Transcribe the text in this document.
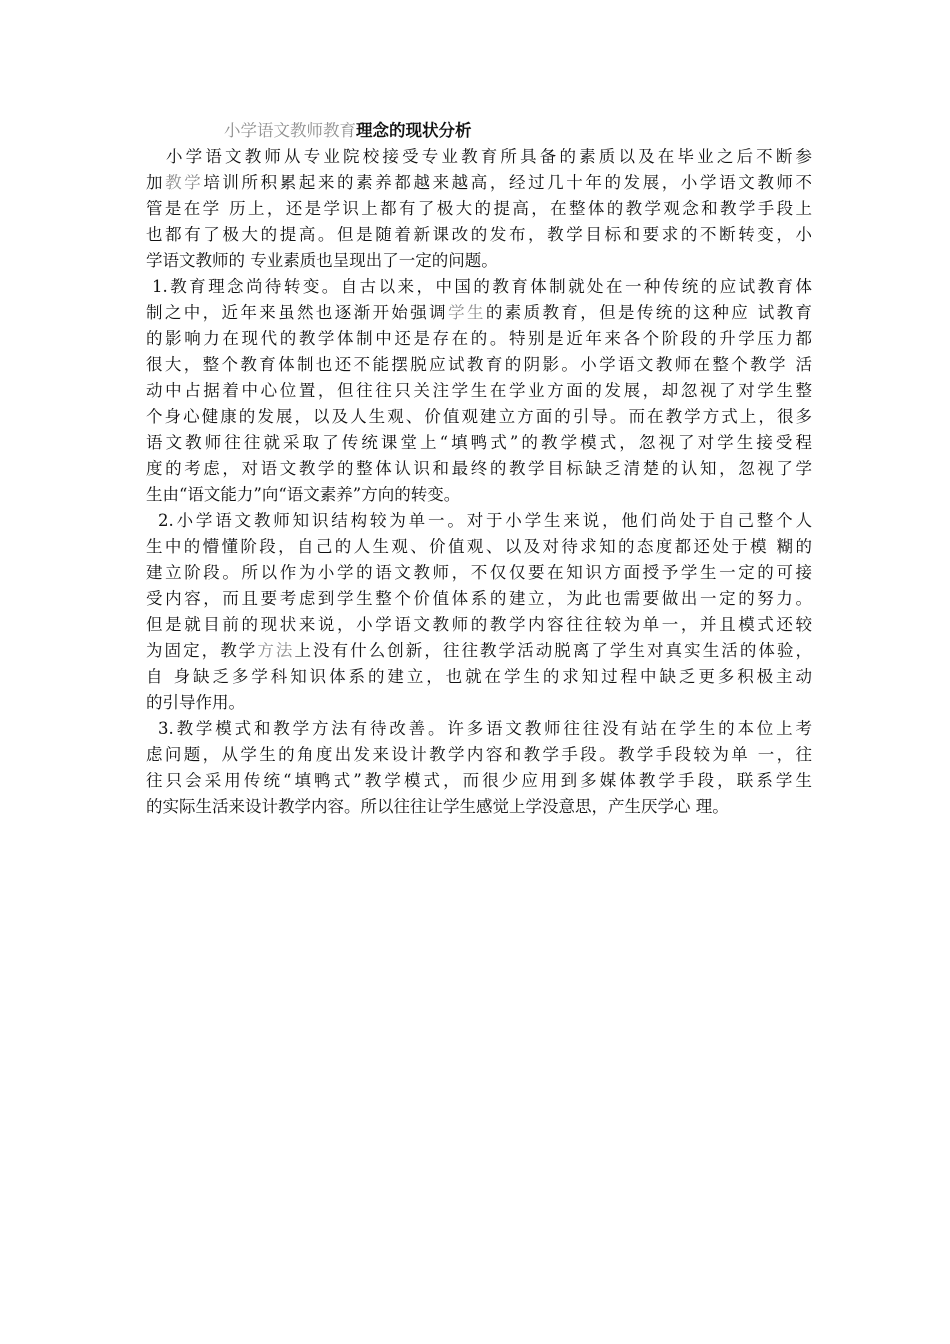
小学语文教师教育理念的现状分析
小学语文教师从专业院校接受专业教育所具备的素质以及在毕业之后不断参
加教学培训所积累起来的素养都越来越高，经过几十年的发展，小学语文教师不
管是在学 历上，还是学识上都有了极大的提高，在整体的教学观念和教学手段上
也都有了极大的提高。但是随着新课改的发布，教学目标和要求的不断转变，小
学语文教师的 专业素质也呈现出了一定的问题。
1.教育理念尚待转变。自古以来，中国的教育体制就处在一种传统的应试教育体
制之中，近年来虽然也逐渐开始强调学生的素质教育，但是传统的这种应 试教育
的影响力在现代的教学体制中还是存在的。特别是近年来各个阶段的升学压力都
很大，整个教育体制也还不能摆脱应试教育的阴影。小学语文教师在整个教学 活
动中占据着中心位置，但往往只关注学生在学业方面的发展，却忽视了对学生整
个身心健康的发展，以及人生观、价值观建立方面的引导。而在教学方式上，很多
语文教师往往就采取了传统课堂上“填鸭式”的教学模式，忽视了对学生接受程
度的考虑，对语文教学的整体认识和最终的教学目标缺乏清楚的认知，忽视了学
生由“语文能力”向“语文素养”方向的转变。
2.小学语文教师知识结构较为单一。对于小学生来说，他们尚处于自己整个人
生中的懵懂阶段，自己的人生观、价值观、以及对待求知的态度都还处于模 糊的
建立阶段。所以作为小学的语文教师，不仅仅要在知识方面授予学生一定的可接
受内容，而且要考虑到学生整个价值体系的建立，为此也需要做出一定的努力。
但是就目前的现状来说，小学语文教师的教学内容往往较为单一，并且模式还较
为固定，教学方法上没有什么创新，往往教学活动脱离了学生对真实生活的体验，
自 身缺乏多学科知识体系的建立，也就在学生的求知过程中缺乏更多积极主动
的引导作用。
3.教学模式和教学方法有待改善。许多语文教师往往没有站在学生的本位上考
虑问题，从学生的角度出发来设计教学内容和教学手段。教学手段较为单 一，往
往只会采用传统“填鸭式”教学模式，而很少应用到多媒体教学手段，联系学生
的实际生活来设计教学内容。所以往往让学生感觉上学没意思，产生厌学心 理。
